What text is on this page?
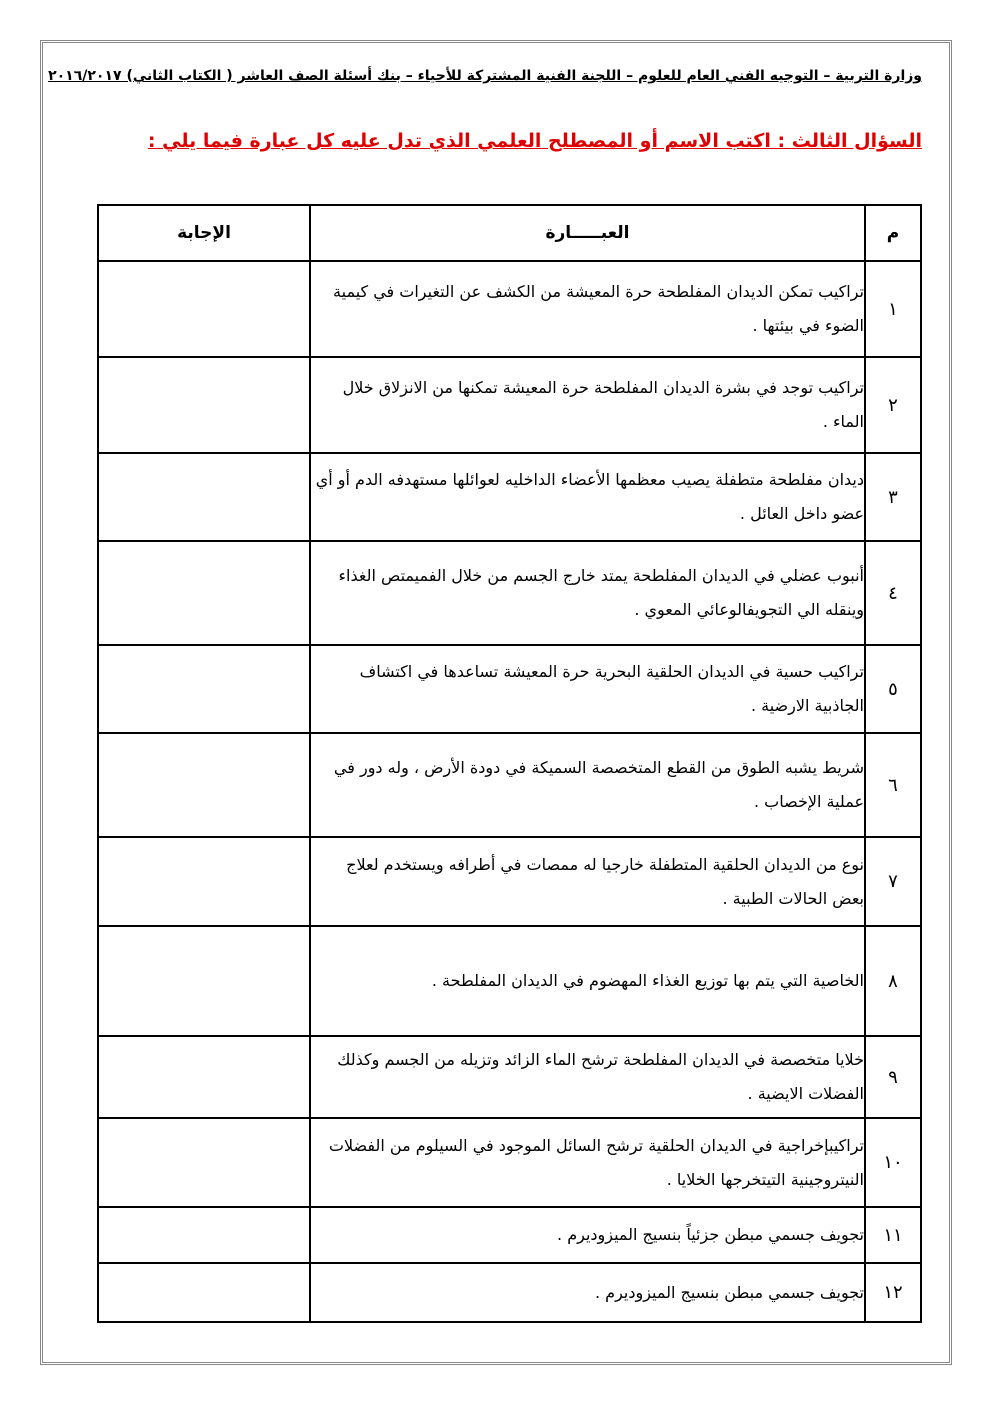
وزارة التربية – التوجيه الفني العام للعلوم – اللجنة الفنية المشتركة للأحياء – بنك أسئلة الصف العاشر ( الكتاب الثاني) ٢٠١٦/٢٠١٧
السؤال الثالث : اكتب الاسم أو المصطلح العلمي الذي تدل عليه كل عبارة فيما يلي :
م	العبـــــارة	الإجابة
١	تراكيب تمكن الديدان المفلطحة حرة المعيشة من الكشف عن التغيرات في كيمية الضوء في بيئتها .	
٢	تراكيب توجد في بشرة الديدان المفلطحة حرة المعيشة تمكنها من الانزلاق خلال الماء .	
٣	ديدان مفلطحة متطفلة يصيب معظمها الأعضاء الداخليه لعوائلها مستهدفه الدم أو أي عضو داخل العائل .	
٤	أنبوب عضلي في الديدان المفلطحة يمتد خارج الجسم من خلال الفميمتص الغذاء وينقله الي التجويفالوعائي المعوي .	
٥	تراكيب حسية في الديدان الحلقية البحرية حرة المعيشة تساعدها في اكتشاف الجاذبية الارضية .	
٦	شريط يشبه الطوق من القطع المتخصصة السميكة في دودة الأرض ، وله دور في عملية الإخصاب .	
٧	نوع من الديدان الحلقية المتطفلة خارجيا له ممصات في أطرافه ويستخدم لعلاج بعض الحالات الطبية .	
٨	الخاصية التي يتم بها توزيع الغذاء المهضوم في الديدان المفلطحة .	
٩	خلايا متخصصة في الديدان المفلطحة ترشح الماء الزائد وتزيله من الجسم وكذلك الفضلات الايضية .	
١٠	تراكيبإخراجية في الديدان الحلقية ترشح السائل الموجود في السيلوم من الفضلات النيتروجينية التيتخرجها الخلايا .	
١١	تجويف جسمي مبطن جزئياً بنسيج الميزوديرم .	
١٢	تجويف جسمي مبطن بنسيج الميزوديرم .	
